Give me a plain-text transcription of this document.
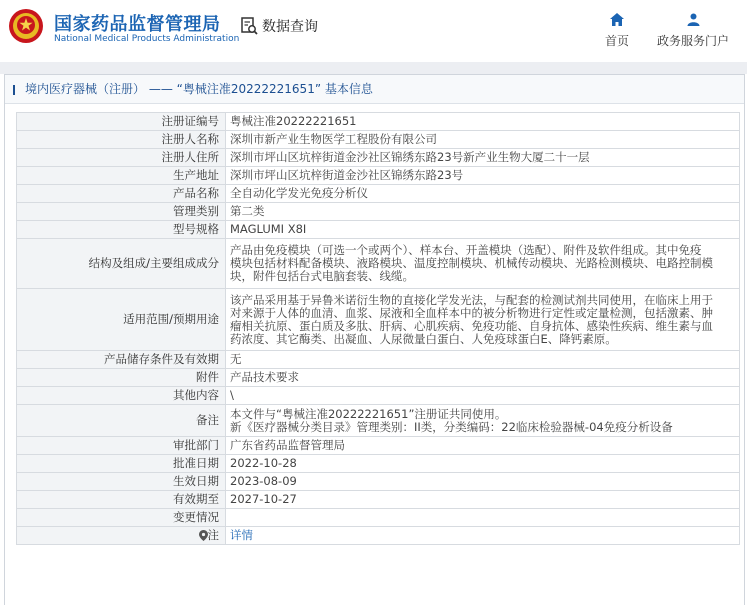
国家药品监督管理局
National Medical Products Administration
数据查询
首页 政务服务门户
境内医疗器械（注册） —— “粤械注准20222221651” 基本信息
注册证编号	粤械注准20222221651
注册人名称	深圳市新产业生物医学工程股份有限公司
注册人住所	深圳市坪山区坑梓街道金沙社区锦绣东路23号新产业生物大厦二十一层
生产地址	深圳市坪山区坑梓街道金沙社区锦绣东路23号
产品名称	全自动化学发光免疫分析仪
管理类别	第二类
型号规格	MAGLUMI X8I
结构及组成/主要组成成分	产品由免疫模块（可选一个或两个）、样本台、开盖模块（选配）、附件及软件组成。其中免疫
模块包括材料配备模块、液路模块、温度控制模块、机械传动模块、光路检测模块、电路控制模
块，附件包括台式电脑套装、线缆。

适用范围/预期用途	该产品采用基于异鲁米诺衍生物的直接化学发光法，与配套的检测试剂共同使用，在临床上用于
对来源于人体的血清、血浆、尿液和全血样本中的被分析物进行定性或定量检测，包括激素、肿
瘤相关抗原、蛋白质及多肽、肝病、心肌疾病、免疫功能、自身抗体、感染性疾病、维生素与血
药浓度、其它酶类、出凝血、人尿微量白蛋白、人免疫球蛋白E、降钙素原。

产品储存条件及有效期	无
附件	产品技术要求
其他内容	\
备注	本文件与“粤械注准20222221651”注册证共同使用。
新《医疗器械分类目录》管理类别：II类，分类编码：22临床检验器械-04免疫分析设备

审批部门	广东省药品监督管理局
批准日期	2022-10-28
生效日期	2023-08-09
有效期至	2027-10-27
变更情况	
注	详情
